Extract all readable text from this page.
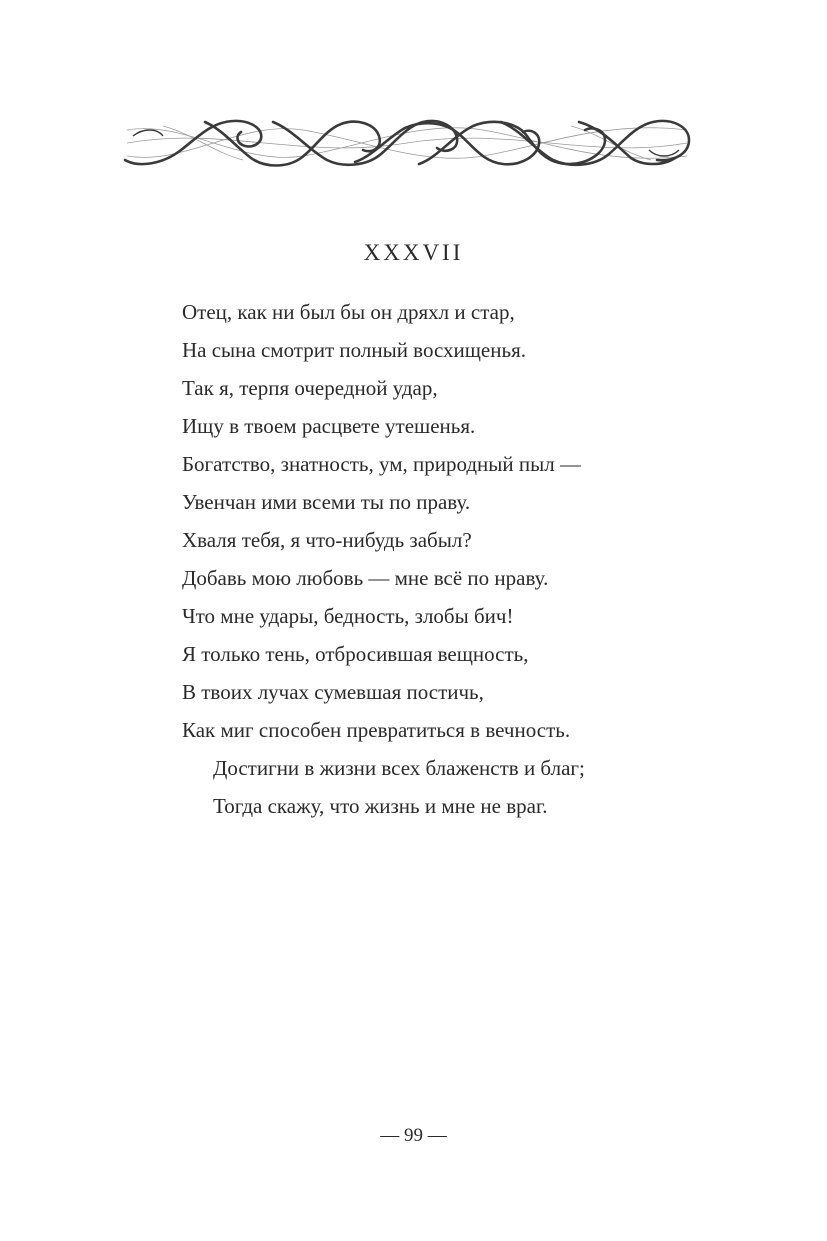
XXXVII
Отец, как ни был бы он дряхл и стар,
На сына смотрит полный восхищенья.
Так я, терпя очередной удар,
Ищу в твоем расцвете утешенья.
Богатство, знатность, ум, природный пыл —
Увенчан ими всеми ты по праву.
Хваля тебя, я что-нибудь забыл?
Добавь мою любовь — мне всё по нраву.
Что мне удары, бедность, злобы бич!
Я только тень, отбросившая вещность,
В твоих лучах сумевшая постичь,
Как миг способен превратиться в вечность.
Достигни в жизни всех блаженств и благ;
Тогда скажу, что жизнь и мне не враг.
— 99 —
